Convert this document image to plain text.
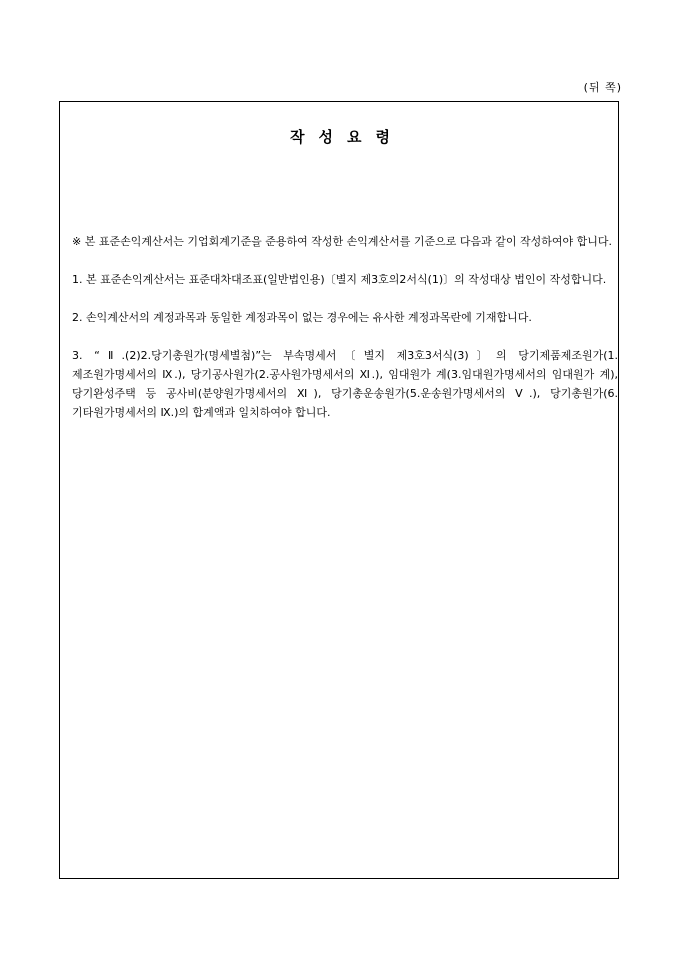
(뒤 쪽)
작성요령

※ 본 표준손익계산서는 기업회계기준을 준용하여 작성한 손익계산서를 기준으로 다음과 같이 작성하여야 합니다.

1. 본 표준손익계산서는 표준대차대조표(일반법인용)〔별지 제3호의2서식(1)〕의 작성대상 법인이 작성합니다.

2. 손익계산서의 계정과목과 동일한 계정과목이 없는 경우에는 유사한 계정과목란에 기재합니다.

3. “Ⅱ.(2)2.당기총원가(명세별첨)”는 부속명세서〔별지 제3호3서식(3)〕의 당기제품제조원가(1.제조원가명세서의 Ⅸ.), 당기공사원가(2.공사원가명세서의 Ⅺ.), 임대원가 계(3.임대원가명세서의 임대원가 계), 당기완성주택 등 공사비(분양원가명세서의 Ⅺ), 당기총운송원가(5.운송원가명세서의 Ⅴ.), 당기총원가(6.기타원가명세서의 Ⅸ.)의 합계액과 일치하여야 합니다.
